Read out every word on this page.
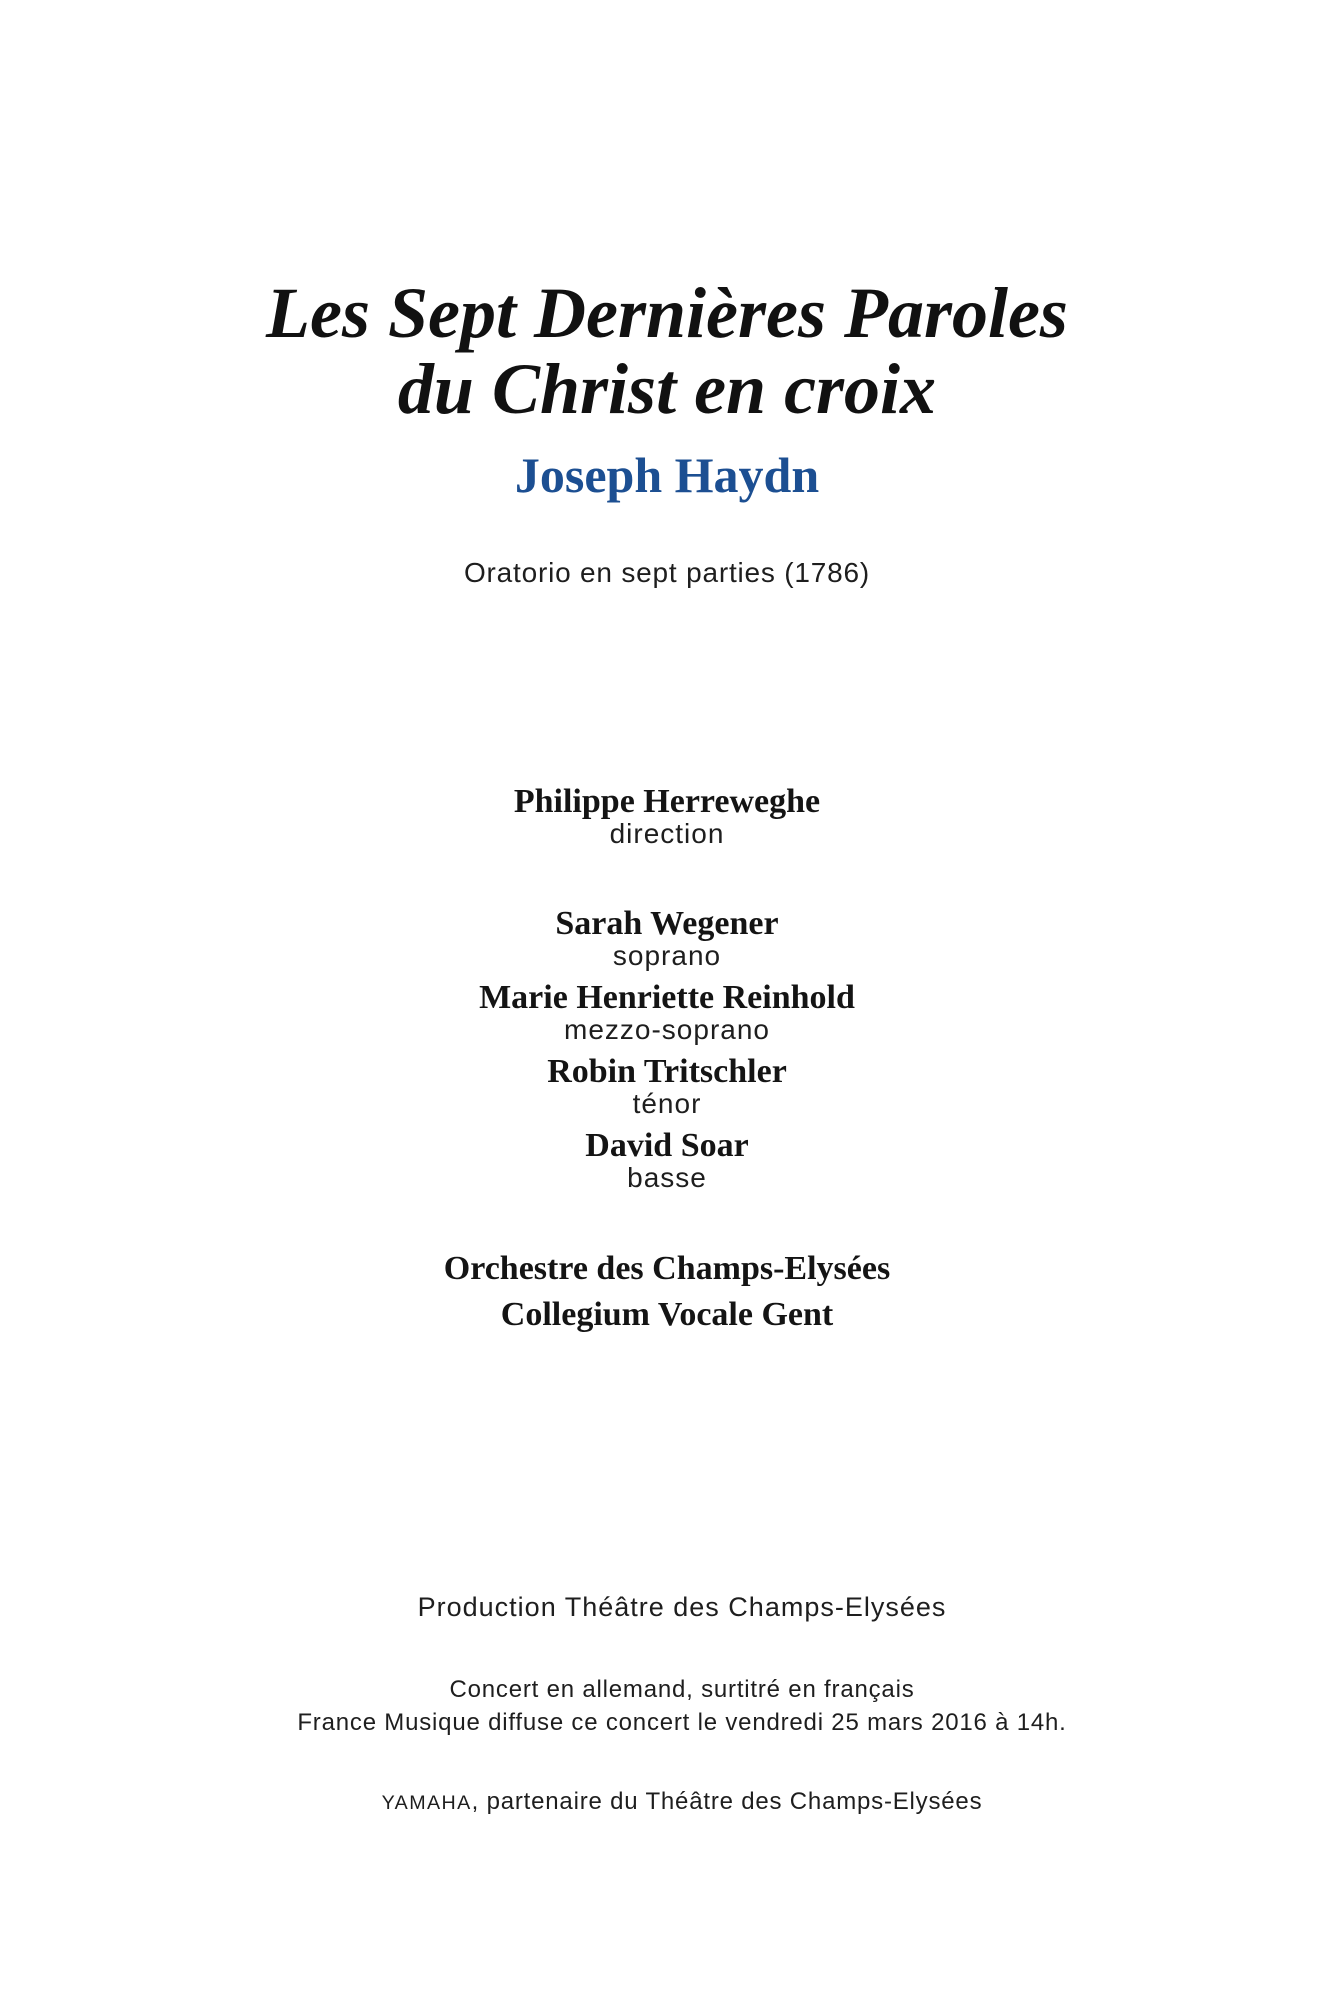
Les Sept Dernières Paroles
du Christ en croix
Joseph Haydn
Oratorio en sept parties (1786)
Philippe Herreweghe
direction
Sarah Wegener
soprano
Marie Henriette Reinhold
mezzo-soprano
Robin Tritschler
ténor
David Soar
basse
Orchestre des Champs-Elysées
Collegium Vocale Gent
Production Théâtre des Champs-Elysées
Concert en allemand, surtitré en français
France Musique diffuse ce concert le vendredi 25 mars 2016 à 14h.
YAMAHA, partenaire du Théâtre des Champs-Elysées
